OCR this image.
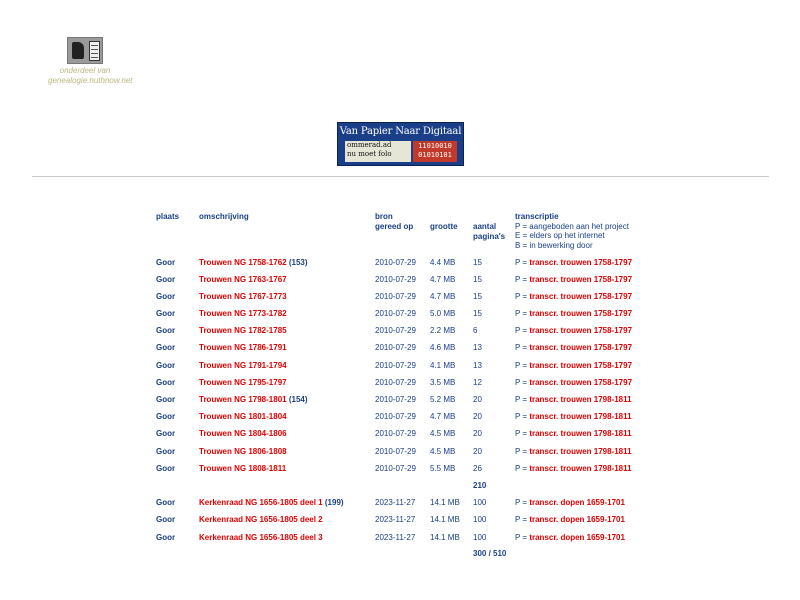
onderdeel van
genealogie.nuthnow.net
Van Papier Naar Digitaal
ommerad.ad
nu moet folo
11010010
01010101
plaats omschrijving	bron
gereed op grootte aantal
pagina's
transcriptie
P = aangeboden aan het project
E = elders op het internet
B = in bewerking door
Goor	Trouwen NG 1758-1762 (153)	2010-07-29 4.4 MB 15	P = transcr. trouwen 1758-1797
Goor	Trouwen NG 1763-1767	2010-07-29 4.7 MB 15	P = transcr. trouwen 1758-1797
Goor	Trouwen NG 1767-1773	2010-07-29 4.7 MB 15	P = transcr. trouwen 1758-1797
Goor	Trouwen NG 1773-1782	2010-07-29 5.0 MB 15	P = transcr. trouwen 1758-1797
Goor	Trouwen NG 1782-1785	2010-07-29 2.2 MB 6	P = transcr. trouwen 1758-1797
Goor	Trouwen NG 1786-1791	2010-07-29 4.6 MB 13	P = transcr. trouwen 1758-1797
Goor	Trouwen NG 1791-1794	2010-07-29 4.1 MB 13	P = transcr. trouwen 1758-1797
Goor	Trouwen NG 1795-1797	2010-07-29 3.5 MB 12	P = transcr. trouwen 1758-1797
Goor	Trouwen NG 1798-1801 (154)	2010-07-29 5.2 MB 20	P = transcr. trouwen 1798-1811
Goor	Trouwen NG 1801-1804	2010-07-29 4.7 MB 20	P = transcr. trouwen 1798-1811
Goor	Trouwen NG 1804-1806	2010-07-29 4.5 MB 20	P = transcr. trouwen 1798-1811
Goor	Trouwen NG 1806-1808	2010-07-29 4.5 MB 20	P = transcr. trouwen 1798-1811
Goor	Trouwen NG 1808-1811	2010-07-29 5.5 MB 26	P = transcr. trouwen 1798-1811
Goor	Kerkenraad NG 1656-1805 deel 1 (199)	2023-11-27 14.1 MB 100	P = transcr. dopen 1659-1701
Goor	Kerkenraad NG 1656-1805 deel 2	2023-11-27 14.1 MB 100	P = transcr. dopen 1659-1701
Goor	Kerkenraad NG 1656-1805 deel 3	2023-11-27 14.1 MB 100	P = transcr. dopen 1659-1701
210
300 / 510
